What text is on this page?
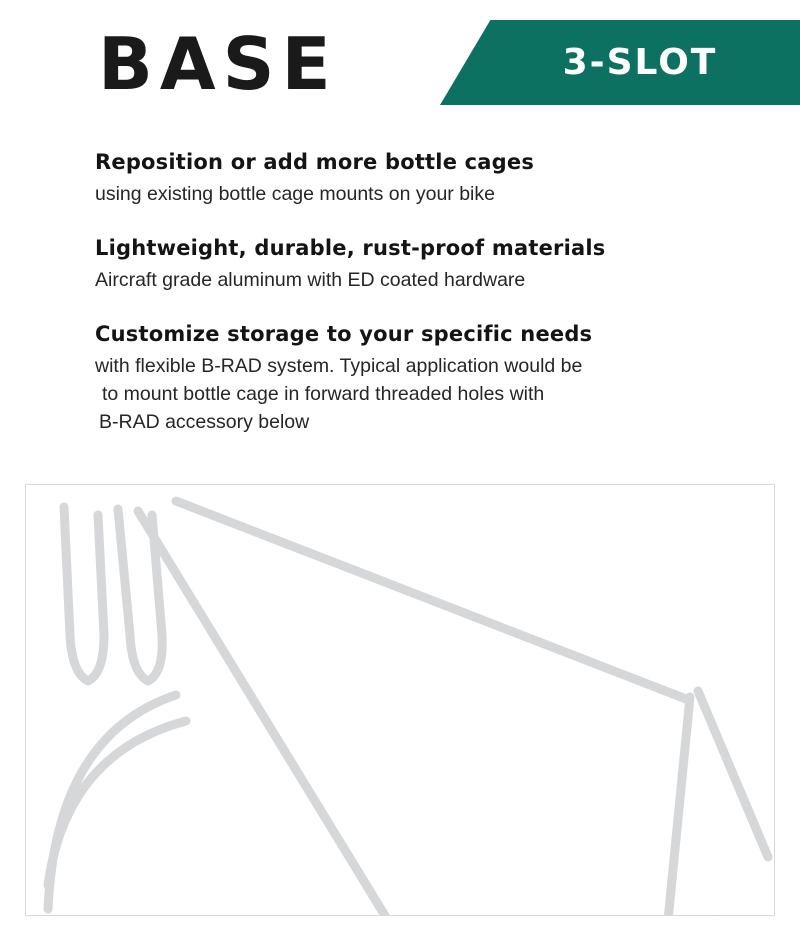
3-SLOT
BASE
Reposition or add more bottle cages
using existing bottle cage mounts on your bike
Lightweight, durable, rust-proof materials
Aircraft grade aluminum with ED coated hardware
Customize storage to your specific needs
with flexible B-RAD system. Typical application would be
to mount bottle cage in forward threaded holes with
B-RAD accessory below
